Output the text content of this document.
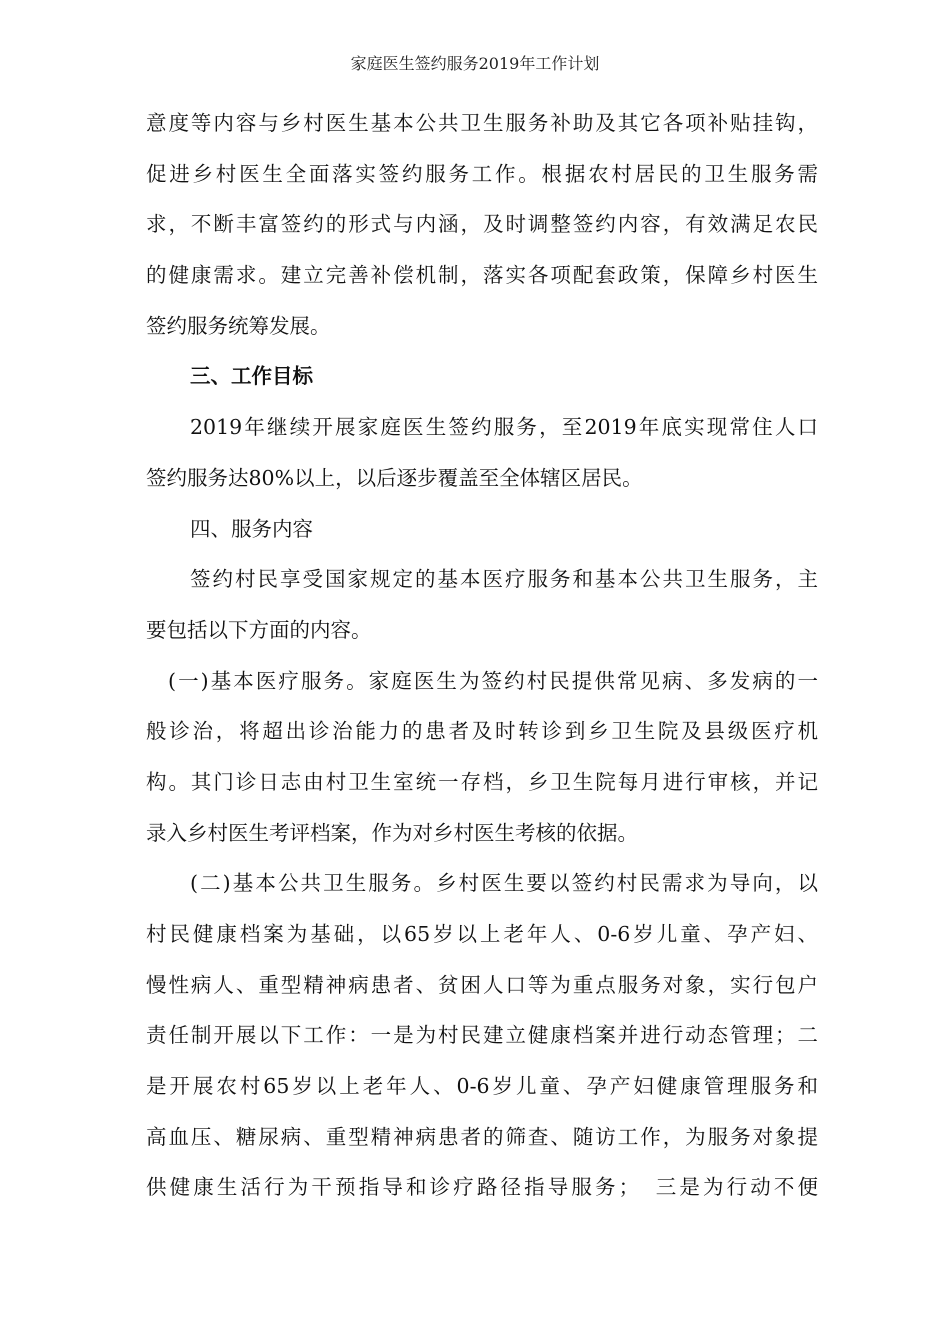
家庭医生签约服务2019年工作计划
意度等内容与乡村医生基本公共卫生服务补助及其它各项补贴挂钩，
促进乡村医生全面落实签约服务工作。根据农村居民的卫生服务需
求，不断丰富签约的形式与内涵，及时调整签约内容，有效满足农民
的健康需求。建立完善补偿机制，落实各项配套政策，保障乡村医生
签约服务统筹发展。
三、工作目标
2019年继续开展家庭医生签约服务，至2019年底实现常住人口
签约服务达80%以上，以后逐步覆盖至全体辖区居民。
四、服务内容
签约村民享受国家规定的基本医疗服务和基本公共卫生服务，主
要包括以下方面的内容。
(一)基本医疗服务。家庭医生为签约村民提供常见病、多发病的一
般诊治，将超出诊治能力的患者及时转诊到乡卫生院及县级医疗机
构。其门诊日志由村卫生室统一存档，乡卫生院每月进行审核，并记
录入乡村医生考评档案，作为对乡村医生考核的依据。
(二)基本公共卫生服务。乡村医生要以签约村民需求为导向，以
村民健康档案为基础，以65岁以上老年人、0-6岁儿童、孕产妇、
慢性病人、重型精神病患者、贫困人口等为重点服务对象，实行包户
责任制开展以下工作：一是为村民建立健康档案并进行动态管理；二
是开展农村65岁以上老年人、0-6岁儿童、孕产妇健康管理服务和
高血压、糖尿病、重型精神病患者的筛查、随访工作，为服务对象提
供健康生活行为干预指导和诊疗路径指导服务；　三是为行动不便
